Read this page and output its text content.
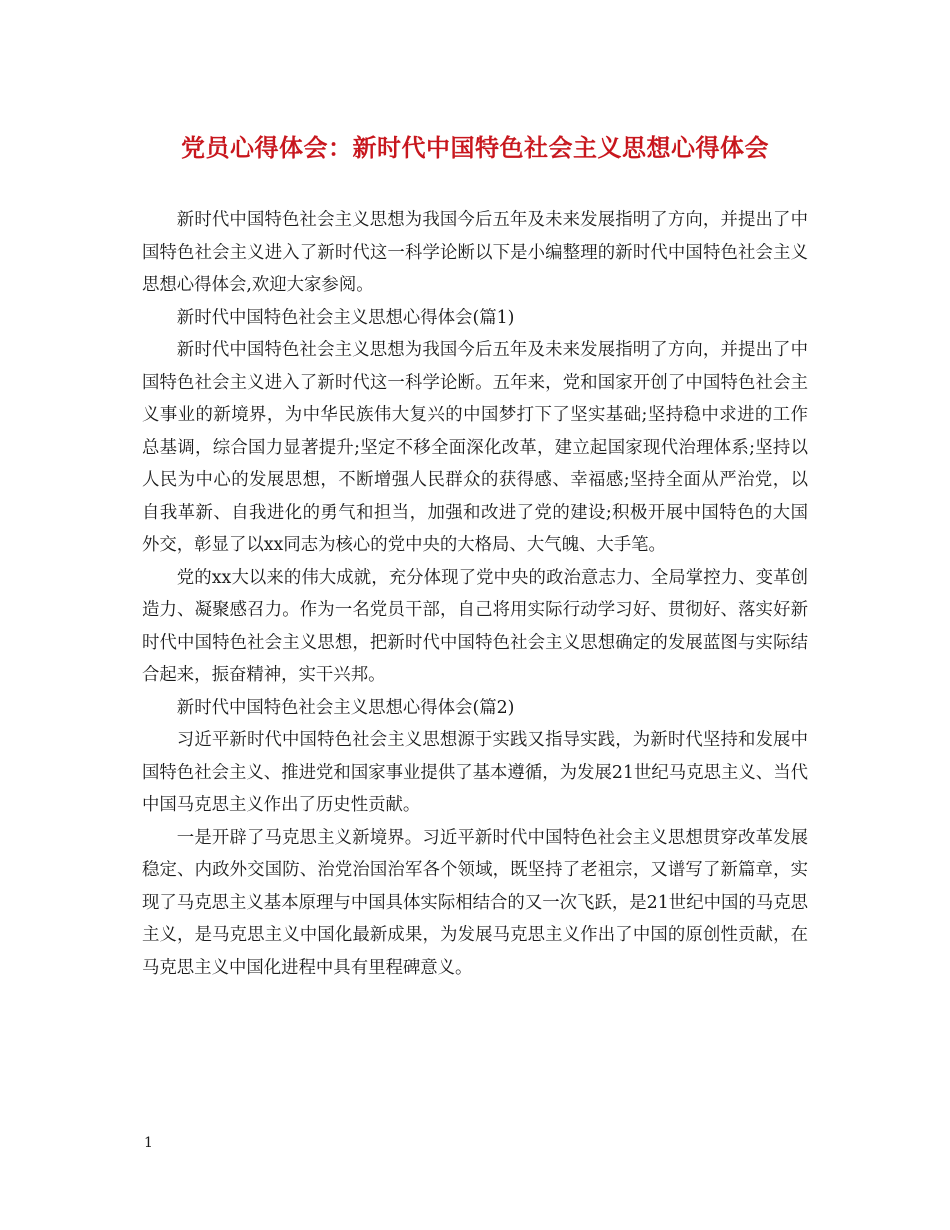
党员心得体会：新时代中国特色社会主义思想心得体会

新时代中国特色社会主义思想为我国今后五年及未来发展指明了方向，并提出了中国特色社会主义进入了新时代这一科学论断以下是小编整理的新时代中国特色社会主义思想心得体会,欢迎大家参阅。

新时代中国特色社会主义思想心得体会(篇1)

新时代中国特色社会主义思想为我国今后五年及未来发展指明了方向，并提出了中国特色社会主义进入了新时代这一科学论断。五年来，党和国家开创了中国特色社会主义事业的新境界，为中华民族伟大复兴的中国梦打下了坚实基础;坚持稳中求进的工作总基调，综合国力显著提升;坚定不移全面深化改革，建立起国家现代治理体系;坚持以人民为中心的发展思想，不断增强人民群众的获得感、幸福感;坚持全面从严治党，以自我革新、自我进化的勇气和担当，加强和改进了党的建设;积极开展中国特色的大国外交，彰显了以xx同志为核心的党中央的大格局、大气魄、大手笔。

党的xx大以来的伟大成就，充分体现了党中央的政治意志力、全局掌控力、变革创造力、凝聚感召力。作为一名党员干部，自己将用实际行动学习好、贯彻好、落实好新时代中国特色社会主义思想，把新时代中国特色社会主义思想确定的发展蓝图与实际结合起来，振奋精神，实干兴邦。

新时代中国特色社会主义思想心得体会(篇2)

习近平新时代中国特色社会主义思想源于实践又指导实践，为新时代坚持和发展中国特色社会主义、推进党和国家事业提供了基本遵循，为发展21世纪马克思主义、当代中国马克思主义作出了历史性贡献。

一是开辟了马克思主义新境界。习近平新时代中国特色社会主义思想贯穿改革发展稳定、内政外交国防、治党治国治军各个领域，既坚持了老祖宗，又谱写了新篇章，实现了马克思主义基本原理与中国具体实际相结合的又一次飞跃，是21世纪中国的马克思主义，是马克思主义中国化最新成果，为发展马克思主义作出了中国的原创性贡献，在马克思主义中国化进程中具有里程碑意义。

1
